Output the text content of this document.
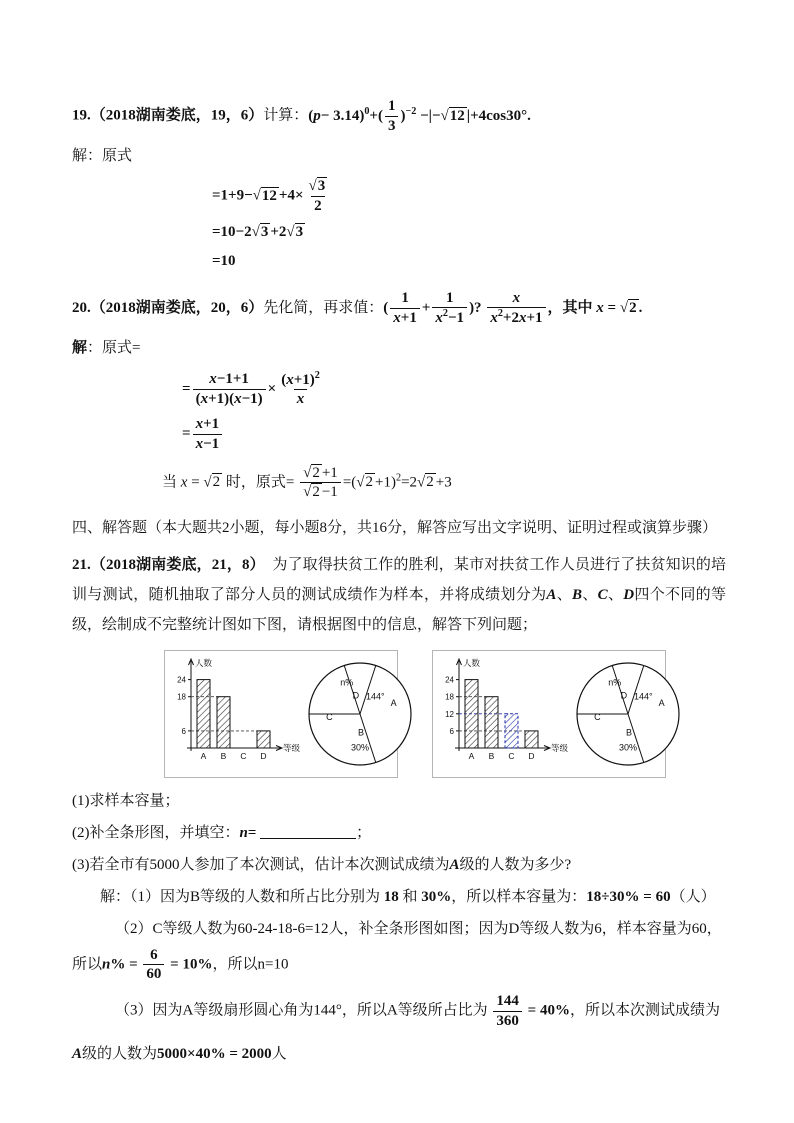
19.（2018湖南娄底，19，6）计算：$(p- 3.14)^0+( \frac{1}{3} )^{-2} -|-√12$ |+4cos30°.

解：原式

$=1+9-√12 +4\times \frac{√3}{2}$

=10−2√3 +2√3

=10

20.（2018湖南娄底，20，6）先化简，再求值：( $\frac{1}{x+1} + \frac{1}{x^2-1}$ )? $\frac{x}{x^2+2x+1}$ ，其中 x = √2 .

解：原式=

= $\frac{x-1+1}{(x+1)(x-1)} \times \frac{(x+1)^2}{x}$

= $\frac{x+1}{x-1}$

当 x = √2 时，原式= $\frac{√2 +1}{√2 -1} =(√2 +1)^2=2√2 +3$

四、解答题（本大题共2小题，每小题8分，共16分，解答应写出文字说明、证明过程或演算步骤）

21.（2018湖南娄底，21，8）　为了取得扶贫工作的胜利，某市对扶贫工作人员进行了扶贫知识的培训与测试，随机抽取了部分人员的测试成绩作为样本，并将成绩划分为A、B、C、D四个不同的等级，绘制成不完整统计图如下图，请根据图中的信息，解答下列问题；

人数
等级
6
18
24
A B C D
144°
A
B
30%
C
n%
D
人数
等级
6
12
18
24
A B C D
144°
A
B
30%
C
n%
D

(1)求样本容量；

(2)补全条形图，并填空：n=	；

(3)若全市有5000人参加了本次测试，估计本次测试成绩为A级的人数为多少?

解：（1）因为B等级的人数和所占比分别为 18 和 30%，所以样本容量为：18÷30% = 60（人）

（2）C等级人数为60-24-18-6=12人，补全条形图如图；因为D等级人数为6，样本容量为60，

所以$n\% = \frac{6}{60} = 10\%$，所以n=10

（3）因为A等级扇形圆心角为144°，所以A等级所占比为 $\frac{144}{360} = 40\%$，所以本次测试成绩为

A级的人数为5000×40% = 2000人
